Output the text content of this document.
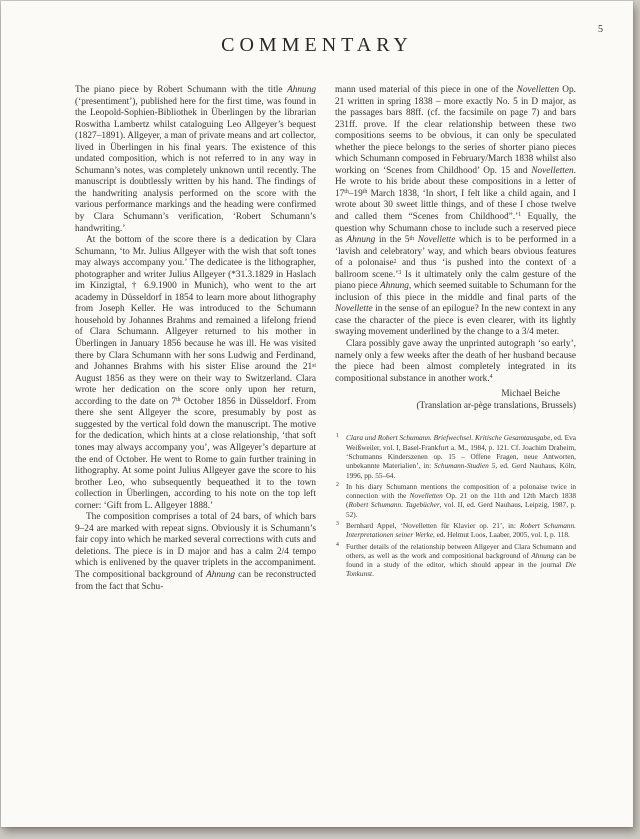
5
COMMENTARY

The piano piece by Robert Schumann with the title Ahnung (‘presentiment’), published here for the first time, was found in the Leopold-Sophien-Bibliothek in Überlingen by the librarian Roswitha Lambertz whilst cataloguing Leo Allgeyer’s bequest (1827–1891). Allgeyer, a man of private means and art collector, lived in Überlingen in his final years. The existence of this undated composition, which is not referred to in any way in Schumann’s notes, was completely unknown until recently. The manuscript is doubtlessly written by his hand. The findings of the handwriting analysis performed on the score with the various performance markings and the heading were confirmed by Clara Schumann’s verification, ‘Robert Schumann’s handwriting.’

At the bottom of the score there is a dedication by Clara Schumann, ‘to Mr. Julius Allgeyer with the wish that soft tones may always accompany you.’ The dedicatee is the lithographer, photographer and writer Julius Allgeyer (*31.3.1829 in Haslach im Kinzigtal, † 6.9.1900 in Munich), who went to the art academy in Düsseldorf in 1854 to learn more about lithography from Joseph Keller. He was introduced to the Schumann household by Johannes Brahms and remained a lifelong friend of Clara Schumann. Allgeyer returned to his mother in Überlingen in January 1856 because he was ill. He was visited there by Clara Schumann with her sons Ludwig and Ferdinand, and Johannes Brahms with his sister Elise around the 21st August 1856 as they were on their way to Switzerland. Clara wrote her dedication on the score only upon her return, according to the date on 7th October 1856 in Düsseldorf. From there she sent Allgeyer the score, presumably by post as suggested by the vertical fold down the manuscript. The motive for the dedication, which hints at a close relationship, ‘that soft tones may always accompany you’, was Allgeyer’s departure at the end of October. He went to Rome to gain further training in lithography. At some point Julius Allgeyer gave the score to his brother Leo, who subsequently bequeathed it to the town collection in Überlingen, according to his note on the top left corner: ‘Gift from L. Allgeyer 1888.’

The composition comprises a total of 24 bars, of which bars 9–24 are marked with repeat signs. Obviously it is Schumann’s fair copy into which he marked several corrections with cuts and deletions. The piece is in D major and has a calm 2/4 tempo which is enlivened by the quaver triplets in the accompaniment. The compositional background of Ahnung can be reconstructed from the fact that Schu-

mann used material of this piece in one of the Novelletten Op. 21 written in spring 1838 – more exactly No. 5 in D major, as the passages bars 88ff. (cf. the facsimile on page 7) and bars 231ff. prove. If the clear relationship between these two compositions seems to be obvious, it can only be speculated whether the piece belongs to the series of shorter piano pieces which Schumann composed in February/March 1838 whilst also working on ‘Scenes from Childhood’ Op. 15 and Novelletten. He wrote to his bride about these compositions in a letter of 17th–19th March 1838, ‘In short, I felt like a child again, and I wrote about 30 sweet little things, and of these I chose twelve and called them “Scenes from Childhood”.’$^1$ Equally, the question why Schumann chose to include such a reserved piece as Ahnung in the 5th Novellette which is to be performed in a ‘lavish and celebratory’ way, and which bears obvious features of a polonaise$^2$ and thus ‘is pushed into the context of a ballroom scene.’$^3$ Is it ultimately only the calm gesture of the piano piece Ahnung, which seemed suitable to Schumann for the inclusion of this piece in the middle and final parts of the Novellette in the sense of an epilogue? In the new context in any case the character of the piece is even clearer, with its lightly swaying movement underlined by the change to a 3/4 meter.

Clara possibly gave away the unprinted autograph ‘so early’, namely only a few weeks after the death of her husband because the piece had been almost completely integrated in its compositional substance in another work.$^4$

Michael Beiche

(Translation ar-pège translations, Brussels)

1 Clara und Robert Schumann. Briefwechsel. Kritische Gesamtausgabe, ed. Eva Weißweiler, vol. I, Basel-Frankfurt a. M., 1984, p. 121. Cf. Joachim Draheim, ‘Schumanns Kinderszenen op. 15 – Offene Fragen, neue Antworten, unbekannte Materialien’, in: Schumann-Studien 5, ed. Gerd Nauhaus, Köln, 1996, pp. 55–64.
2 In his diary Schumann mentions the composition of a polonaise twice in connection with the Novelletten Op. 21 on the 11th and 12th March 1838 (Robert Schumann. Tagebücher, vol. II, ed. Gerd Nauhaus, Leipzig, 1987, p. 52).
3 Bernhard Appel, ‘Novelletten für Klavier op. 21’, in: Robert Schumann. Interpretationen seiner Werke, ed. Helmut Loos, Laaber, 2005, vol. I, p. 118.
4 Further details of the relationship between Allgeyer and Clara Schumann and others, as well as the work and compositional background of Ahnung can be found in a study of the editor, which should appear in the journal Die Tonkunst.
